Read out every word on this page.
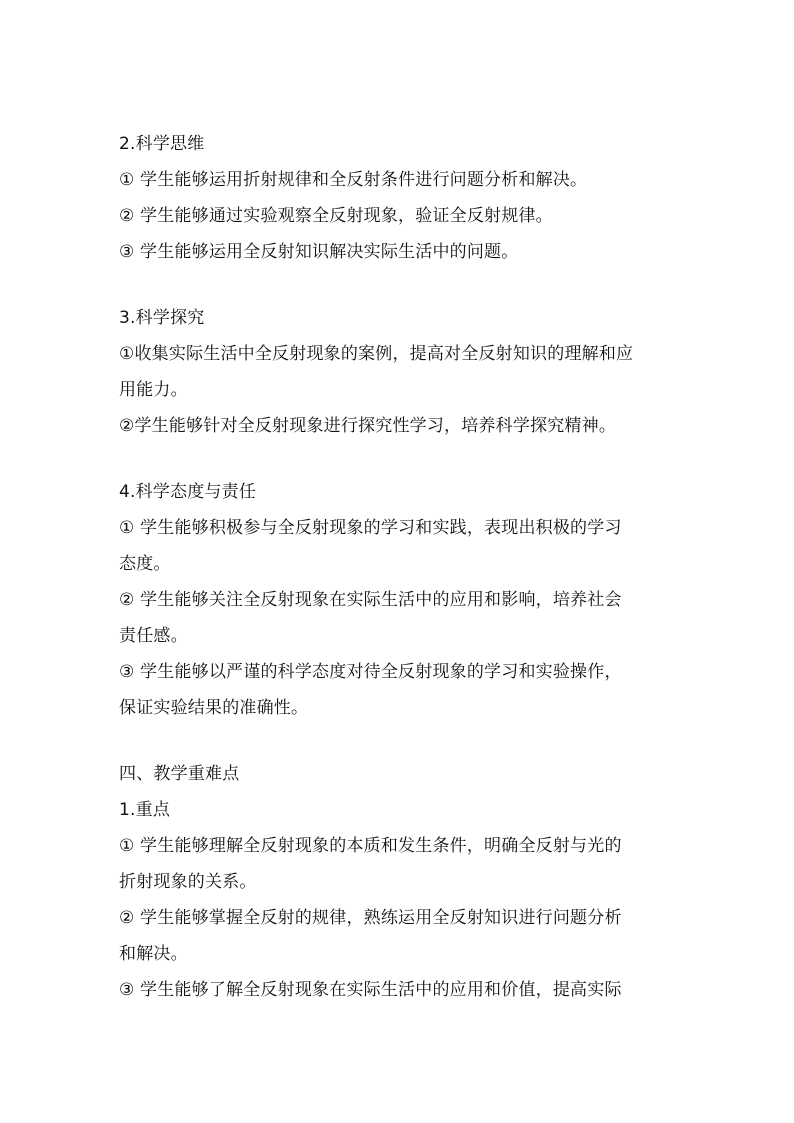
2.科学思维
① 学生能够运用折射规律和全反射条件进行问题分析和解决。
② 学生能够通过实验观察全反射现象，验证全反射规律。
③ 学生能够运用全反射知识解决实际生活中的问题。
3.科学探究
①收集实际生活中全反射现象的案例，提高对全反射知识的理解和应
用能力。
②学生能够针对全反射现象进行探究性学习，培养科学探究精神。
4.科学态度与责任
① 学生能够积极参与全反射现象的学习和实践，表现出积极的学习
态度。
② 学生能够关注全反射现象在实际生活中的应用和影响，培养社会
责任感。
③ 学生能够以严谨的科学态度对待全反射现象的学习和实验操作，
保证实验结果的准确性。
四、教学重难点
1.重点
① 学生能够理解全反射现象的本质和发生条件，明确全反射与光的
折射现象的关系。
② 学生能够掌握全反射的规律，熟练运用全反射知识进行问题分析
和解决。
③ 学生能够了解全反射现象在实际生活中的应用和价值，提高实际
